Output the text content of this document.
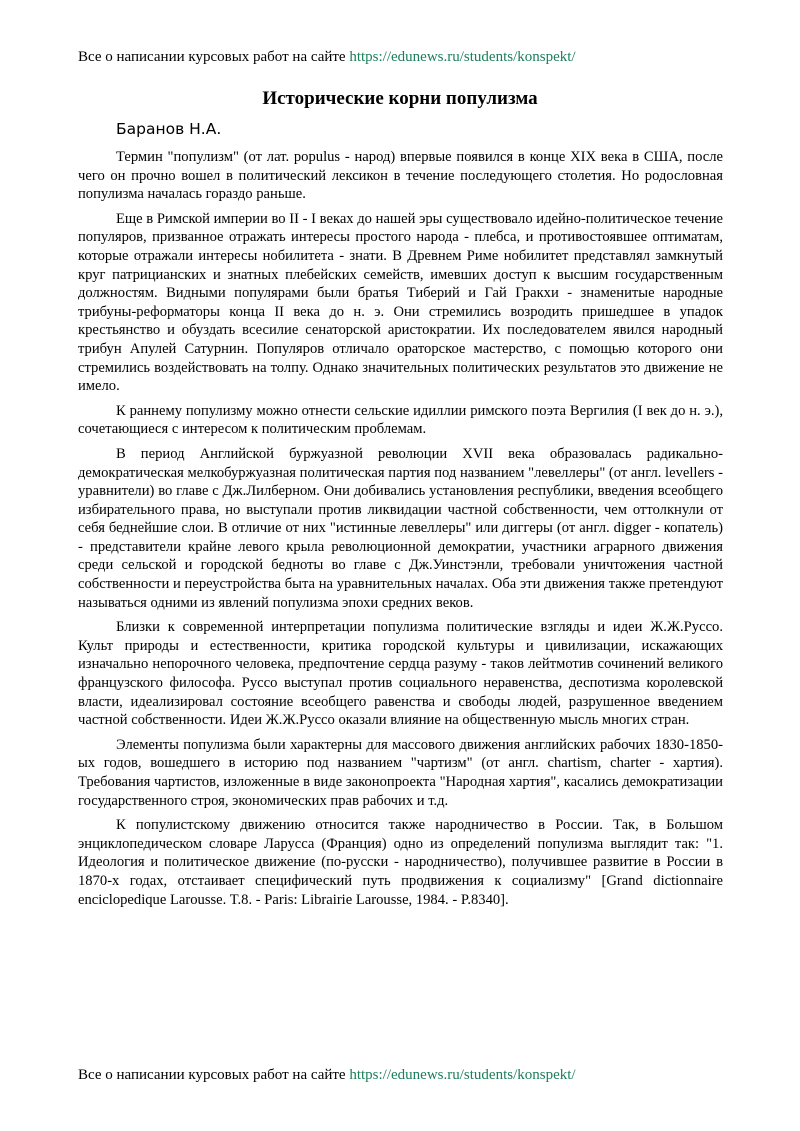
Все о написании курсовых работ на сайте https://edunews.ru/students/konspekt/
Исторические корни популизма
Баранов Н.А.

Термин "популизм" (от лат. populus - народ) впервые появился в конце XIX века в США, после чего он прочно вошел в политический лексикон в течение последующего столетия. Но родословная популизма началась гораздо раньше.

Еще в Римской империи во II - I веках до нашей эры существовало идейно-политическое течение популяров, призванное отражать интересы простого народа - плебса, и противостоявшее оптиматам, которые отражали интересы нобилитета - знати. В Древнем Риме нобилитет представлял замкнутый круг патрицианских и знатных плебейских семейств, имевших доступ к высшим государственным должностям. Видными популярами были братья Тиберий и Гай Гракхи - знаменитые народные трибуны-реформаторы конца II века до н. э. Они стремились возродить пришедшее в упадок крестьянство и обуздать всесилие сенаторской аристократии. Их последователем явился народный трибун Апулей Сатурнин. Популяров отличало ораторское мастерство, с помощью которого они стремились воздействовать на толпу. Однако значительных политических результатов это движение не имело.

К раннему популизму можно отнести сельские идиллии римского поэта Вергилия (I век до н. э.), сочетающиеся с интересом к политическим проблемам.

В период Английской буржуазной революции XVII века образовалась радикально-демократическая мелкобуржуазная политическая партия под названием "левеллеры" (от англ. levellers - уравнители) во главе с Дж.Лилберном. Они добивались установления республики, введения всеобщего избирательного права, но выступали против ликвидации частной собственности, чем оттолкнули от себя беднейшие слои. В отличие от них "истинные левеллеры" или диггеры (от англ. digger - копатель) - представители крайне левого крыла революционной демократии, участники аграрного движения среди сельской и городской бедноты во главе с Дж.Уинстэнли, требовали уничтожения частной собственности и переустройства быта на уравнительных началах. Оба эти движения также претендуют называться одними из явлений популизма эпохи средних веков.

Близки к современной интерпретации популизма политические взгляды и идеи Ж.Ж.Руссо. Культ природы и естественности, критика городской культуры и цивилизации, искажающих изначально непорочного человека, предпочтение сердца разуму - таков лейтмотив сочинений великого французского философа. Руссо выступал против социального неравенства, деспотизма королевской власти, идеализировал состояние всеобщего равенства и свободы людей, разрушенное введением частной собственности. Идеи Ж.Ж.Руссо оказали влияние на общественную мысль многих стран.

Элементы популизма были характерны для массового движения английских рабочих 1830-1850-ых годов, вошедшего в историю под названием "чартизм" (от англ. chartism, charter - хартия). Требования чартистов, изложенные в виде законопроекта "Народная хартия", касались демократизации государственного строя, экономических прав рабочих и т.д.

К популистскому движению относится также народничество в России. Так, в Большом энциклопедическом словаре Ларусса (Франция) одно из определений популизма выглядит так: "1. Идеология и политическое движение (по-русски - народничество), получившее развитие в России в 1870-х годах, отстаивает специфический путь продвижения к социализму" [Grand dictionnaire enciclopedique Larousse. T.8. - Paris: Librairie Larousse, 1984. - P.8340].

Все о написании курсовых работ на сайте https://edunews.ru/students/konspekt/
